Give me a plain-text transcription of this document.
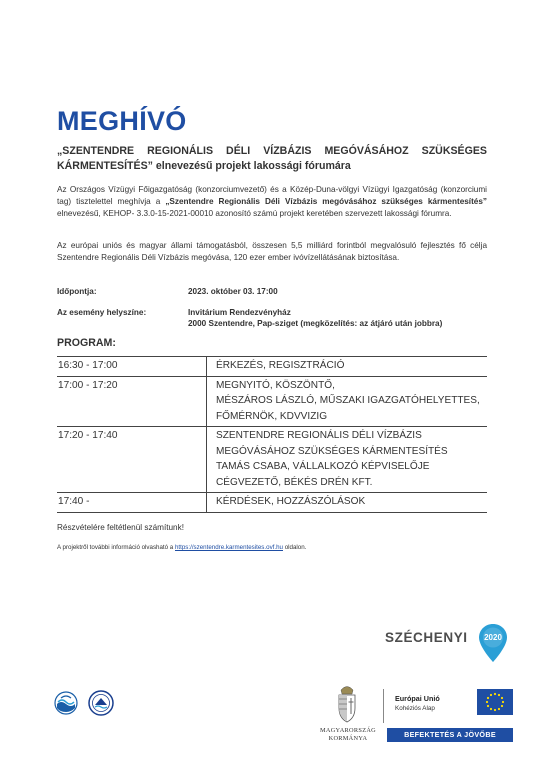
MEGHÍVÓ

„SZENTENDRE REGIONÁLIS DÉLI VÍZBÁZIS MEGÓVÁSÁHOZ SZÜKSÉGES KÁRMENTESÍTÉS” elnevezésű projekt lakossági fórumára

Az Országos Vízügyi Főigazgatóság (konzorciumvezető) és a Közép-Duna-völgyi Vízügyi Igazgatóság (konzorciumi tag) tisztelettel meghívja a „Szentendre Regionális Déli Vízbázis megóvásához szükséges kármentesítés” elnevezésű, KEHOP- 3.3.0-15-2021-00010 azonosító számú projekt keretében szervezett lakossági fórumra.

Az európai uniós és magyar állami támogatásból, összesen 5,5 milliárd forintból megvalósuló fejlesztés fő célja Szentendre Regionális Déli Vízbázis megóvása, 120 ezer ember ivóvízellátásának biztosítása.

Időpontja:	2023. október 03. 17:00
Az esemény helyszíne:	Invitárium Rendezvényház
2000 Szentendre, Pap-sziget (megközelítés: az átjáró után jobbra)
PROGRAM:
16:30 - 17:00	ÉRKEZÉS, REGISZTRÁCIÓ

17:00 - 17:20	MEGNYITÓ, KÖSZÖNTŐ,
MÉSZÁROS LÁSZLÓ, MŰSZAKI IGAZGATÓHELYETTES,
FŐMÉRNÖK, KDVVIZIG

17:20 - 17:40	SZENTENDRE REGIONÁLIS DÉLI VÍZBÁZIS
MEGÓVÁSÁHOZ SZÜKSÉGES KÁRMENTESÍTÉS
TAMÁS CSABA, VÁLLALKOZÓ KÉPVISELŐJE
CÉGVEZETŐ, BÉKÉS DRÉN KFT.

17:40 -	KÉRDÉSEK, HOZZÁSZÓLÁSOK
Részvételére feltétlenül számítunk!
A projektről további információ olvasható a https://szentendre.karmentesites.ovf.hu oldalon.
SZÉCHENYI 2020
MAGYARORSZÁG
KORMÁNYA
Európai Unió
Kohéziós Alap
BEFEKTETÉS A JÖVŐBE
